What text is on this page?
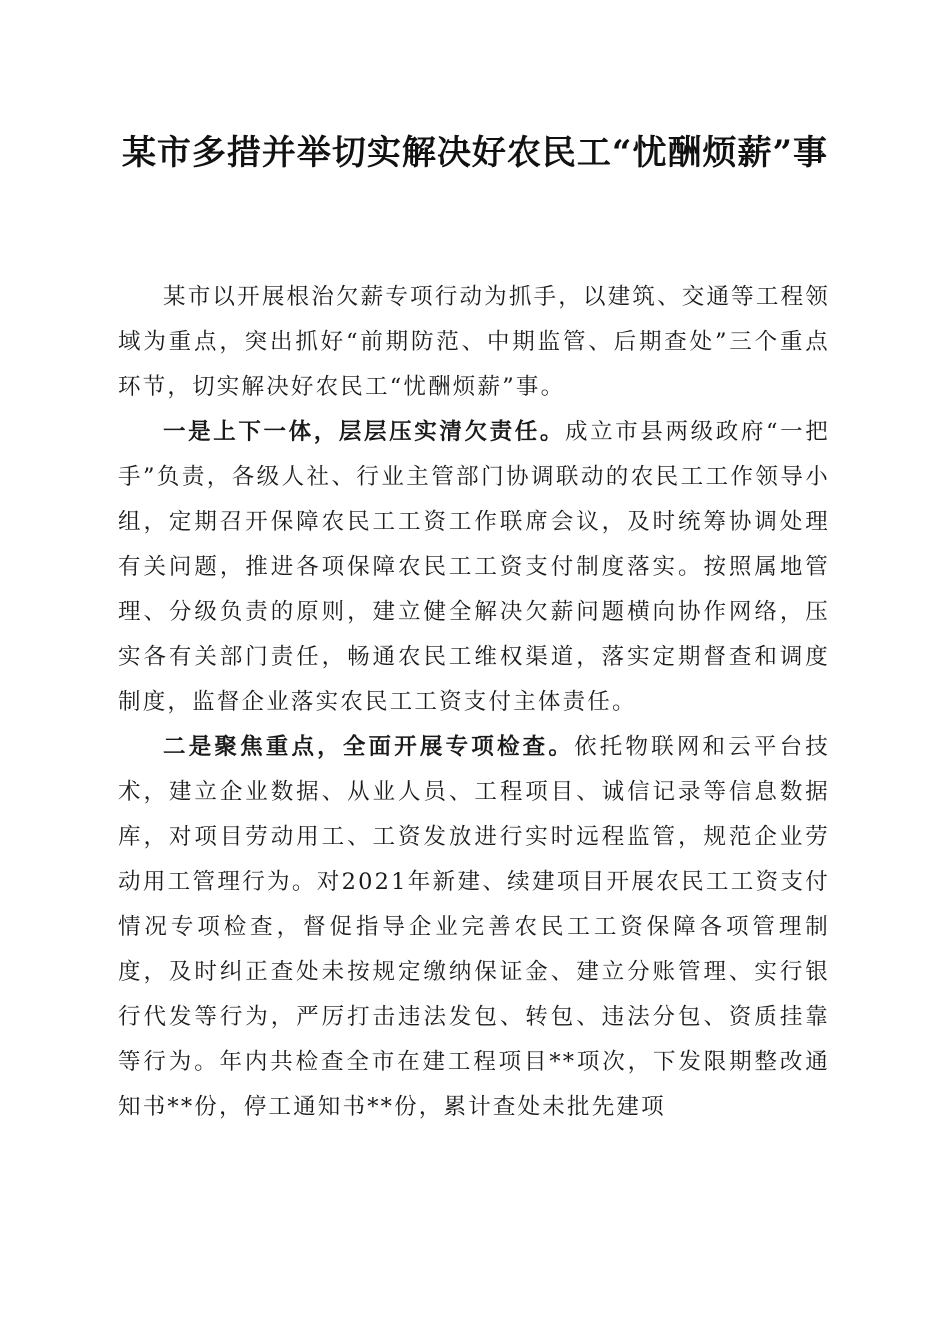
某市多措并举切实解决好农民工“忧酬烦薪”事

某市以开展根治欠薪专项行动为抓手，以建筑、交通等工程领域为重点，突出抓好“前期防范、中期监管、后期查处”三个重点环节，切实解决好农民工“忧酬烦薪”事。

一是上下一体，层层压实清欠责任。成立市县两级政府“一把手”负责，各级人社、行业主管部门协调联动的农民工工作领导小组，定期召开保障农民工工资工作联席会议，及时统筹协调处理有关问题，推进各项保障农民工工资支付制度落实。按照属地管理、分级负责的原则，建立健全解决欠薪问题横向协作网络，压实各有关部门责任，畅通农民工维权渠道，落实定期督查和调度制度，监督企业落实农民工工资支付主体责任。

二是聚焦重点，全面开展专项检查。依托物联网和云平台技术，建立企业数据、从业人员、工程项目、诚信记录等信息数据库，对项目劳动用工、工资发放进行实时远程监管，规范企业劳动用工管理行为。对2021年新建、续建项目开展农民工工资支付情况专项检查，督促指导企业完善农民工工资保障各项管理制度，及时纠正查处未按规定缴纳保证金、建立分账管理、实行银行代发等行为，严厉打击违法发包、转包、违法分包、资质挂靠等行为。年内共检查全市在建工程项目**项次，下发限期整改通知书**份，停工通知书**份，累计查处未批先建项
